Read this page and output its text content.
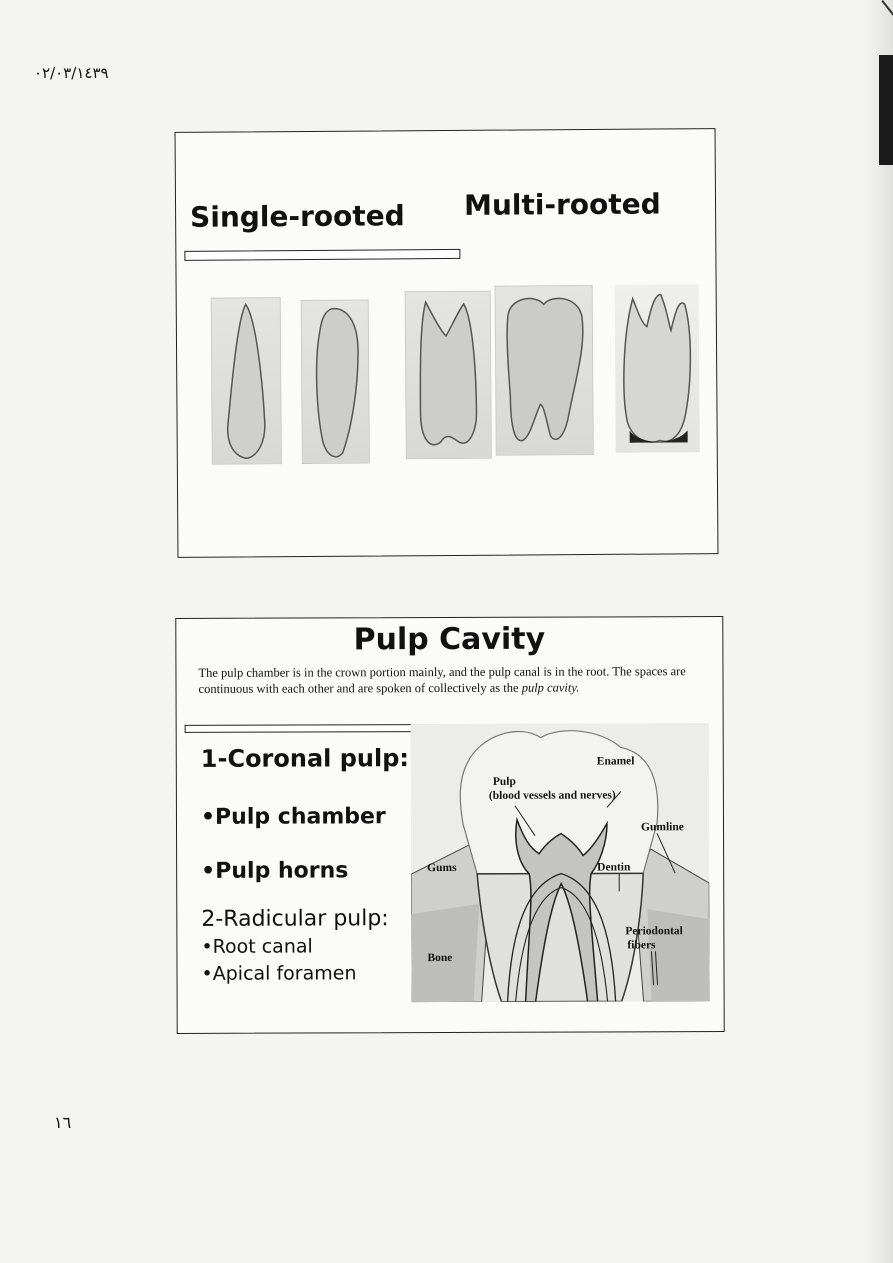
٠٢/٠٣/١٤٣٩
Single-rooted Multi-rooted
Pulp Cavity
The pulp chamber is in the crown portion mainly, and the pulp canal is in the root. The spaces are continuous with each other and are spoken of collectively as the pulp cavity.
1-Coronal pulp:
•Pulp chamber
•Pulp horns
2-Radicular pulp:
•Root canal
•Apical foramen
Enamel
Pulp
(blood vessels and nerves)
Gumline
Gums	Dentin
Periodontal
fibers
Bone
١٦
